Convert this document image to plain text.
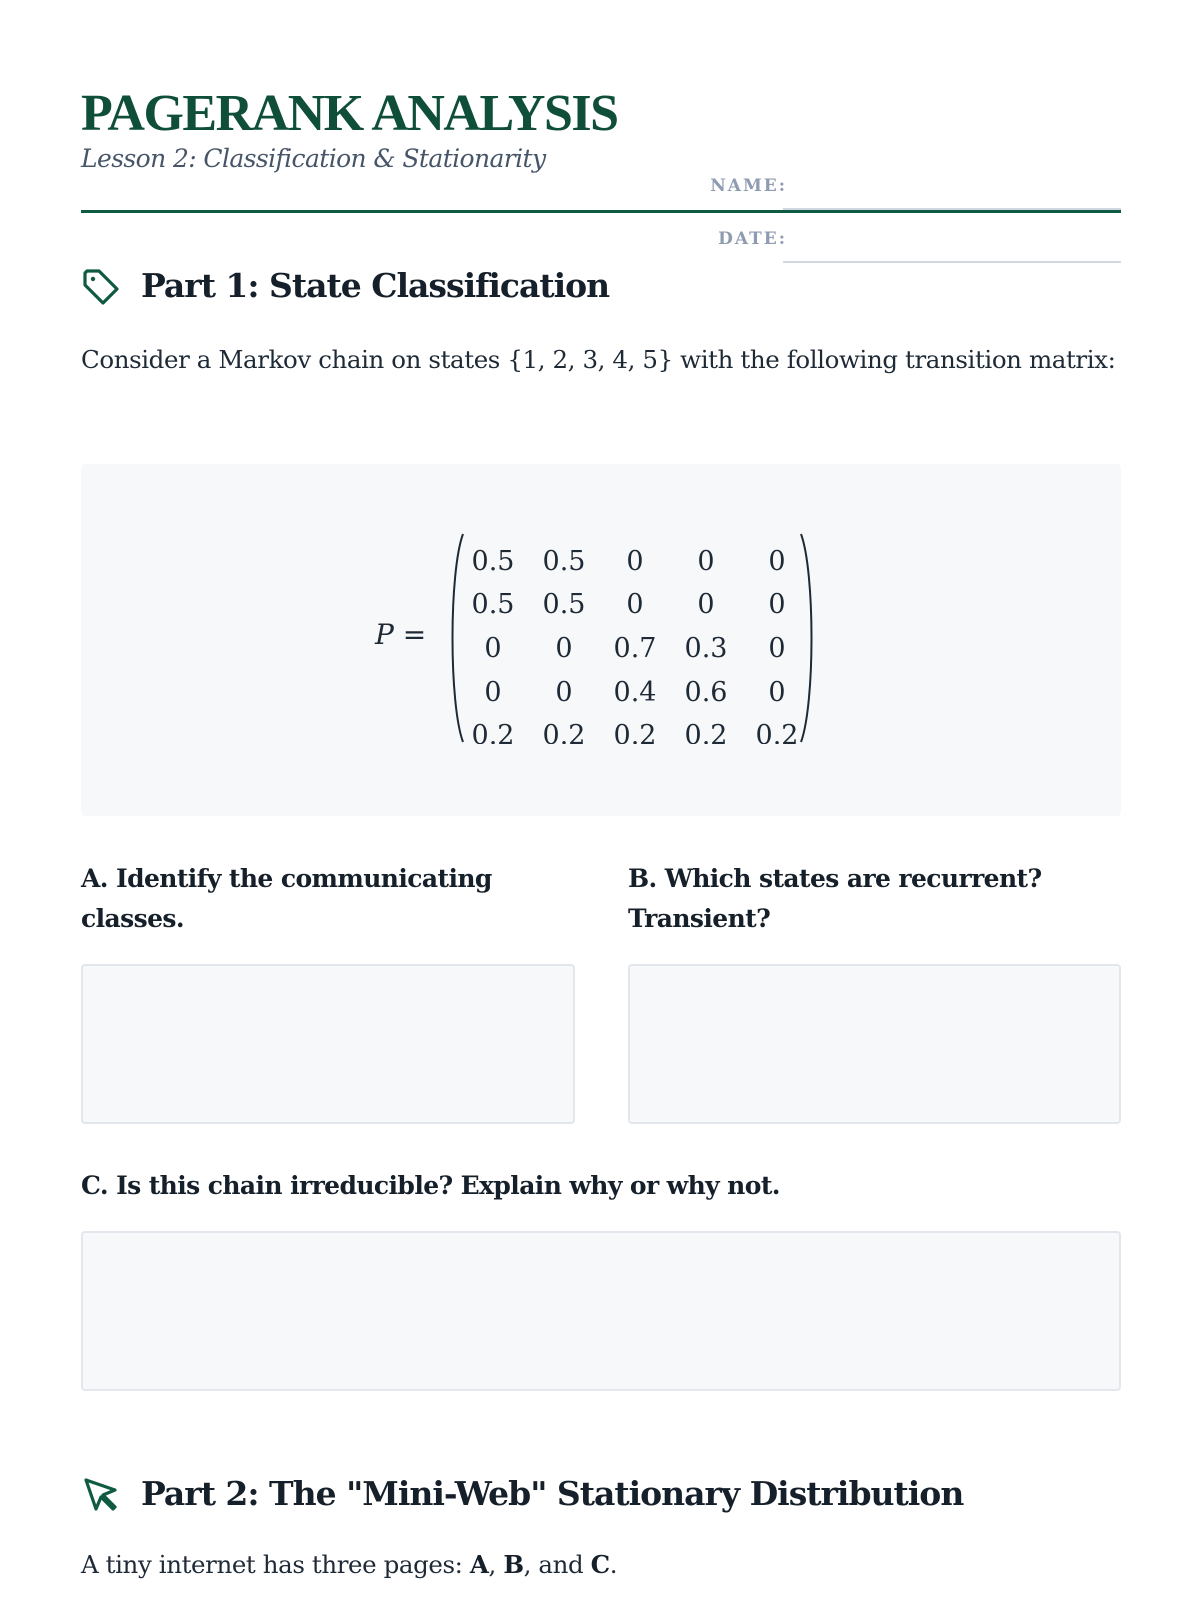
PAGERANK ANALYSIS
Lesson 2: Classification & Stationarity
NAME:
DATE:
Part 1: State Classification

Consider a Markov chain on states {1, 2, 3, 4, 5} with the following transition matrix:

P =
0.5 0.5 0 0 0
0.5 0.5 0 0 0
0 0 0.7 0.3 0
0 0 0.4 0.6 0
0.2 0.2 0.2 0.2 0.2

A. Identify the communicating classes.

B. Which states are recurrent? Transient?

C. Is this chain irreducible? Explain why or why not.

Part 2: The "Mini-Web" Stationary Distribution

A tiny internet has three pages: A, B, and C.
